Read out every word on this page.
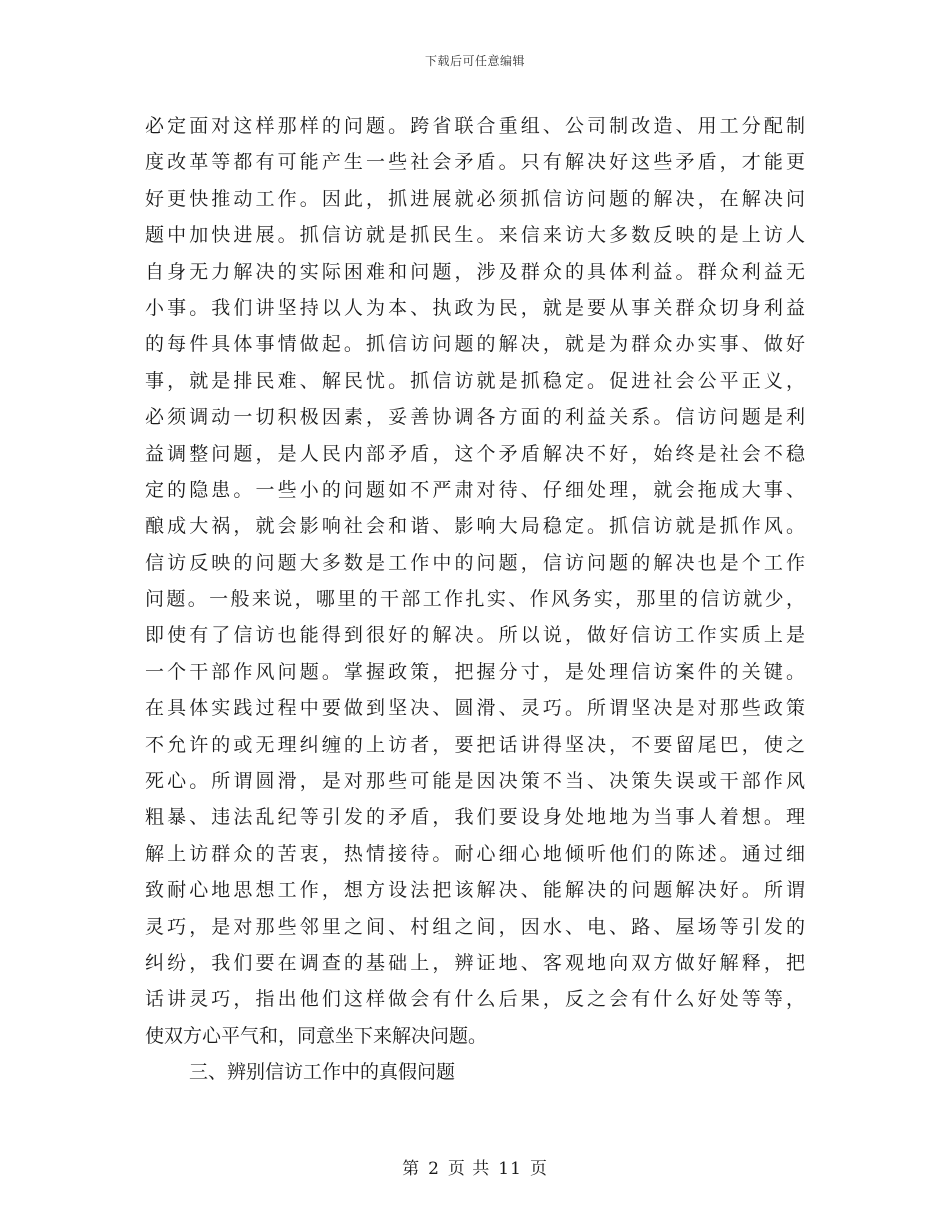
下载后可任意编辑
必定面对这样那样的问题。跨省联合重组、公司制改造、用工分配制
度改革等都有可能产生一些社会矛盾。只有解决好这些矛盾，才能更
好更快推动工作。因此，抓进展就必须抓信访问题的解决，在解决问
题中加快进展。抓信访就是抓民生。来信来访大多数反映的是上访人
自身无力解决的实际困难和问题，涉及群众的具体利益。群众利益无
小事。我们讲坚持以人为本、执政为民，就是要从事关群众切身利益
的每件具体事情做起。抓信访问题的解决，就是为群众办实事、做好
事，就是排民难、解民忧。抓信访就是抓稳定。促进社会公平正义，
必须调动一切积极因素，妥善协调各方面的利益关系。信访问题是利
益调整问题，是人民内部矛盾，这个矛盾解决不好，始终是社会不稳
定的隐患。一些小的问题如不严肃对待、仔细处理，就会拖成大事、
酿成大祸，就会影响社会和谐、影响大局稳定。抓信访就是抓作风。
信访反映的问题大多数是工作中的问题，信访问题的解决也是个工作
问题。一般来说，哪里的干部工作扎实、作风务实，那里的信访就少，
即使有了信访也能得到很好的解决。所以说，做好信访工作实质上是
一个干部作风问题。掌握政策，把握分寸，是处理信访案件的关键。
在具体实践过程中要做到坚决、圆滑、灵巧。所谓坚决是对那些政策
不允许的或无理纠缠的上访者，要把话讲得坚决，不要留尾巴，使之
死心。所谓圆滑，是对那些可能是因决策不当、决策失误或干部作风
粗暴、违法乱纪等引发的矛盾，我们要设身处地地为当事人着想。理
解上访群众的苦衷，热情接待。耐心细心地倾听他们的陈述。通过细
致耐心地思想工作，想方设法把该解决、能解决的问题解决好。所谓
灵巧，是对那些邻里之间、村组之间，因水、电、路、屋场等引发的
纠纷，我们要在调查的基础上，辨证地、客观地向双方做好解释，把
话讲灵巧，指出他们这样做会有什么后果，反之会有什么好处等等，
使双方心平气和，同意坐下来解决问题。
三、辨别信访工作中的真假问题
第 2 页 共 11 页
